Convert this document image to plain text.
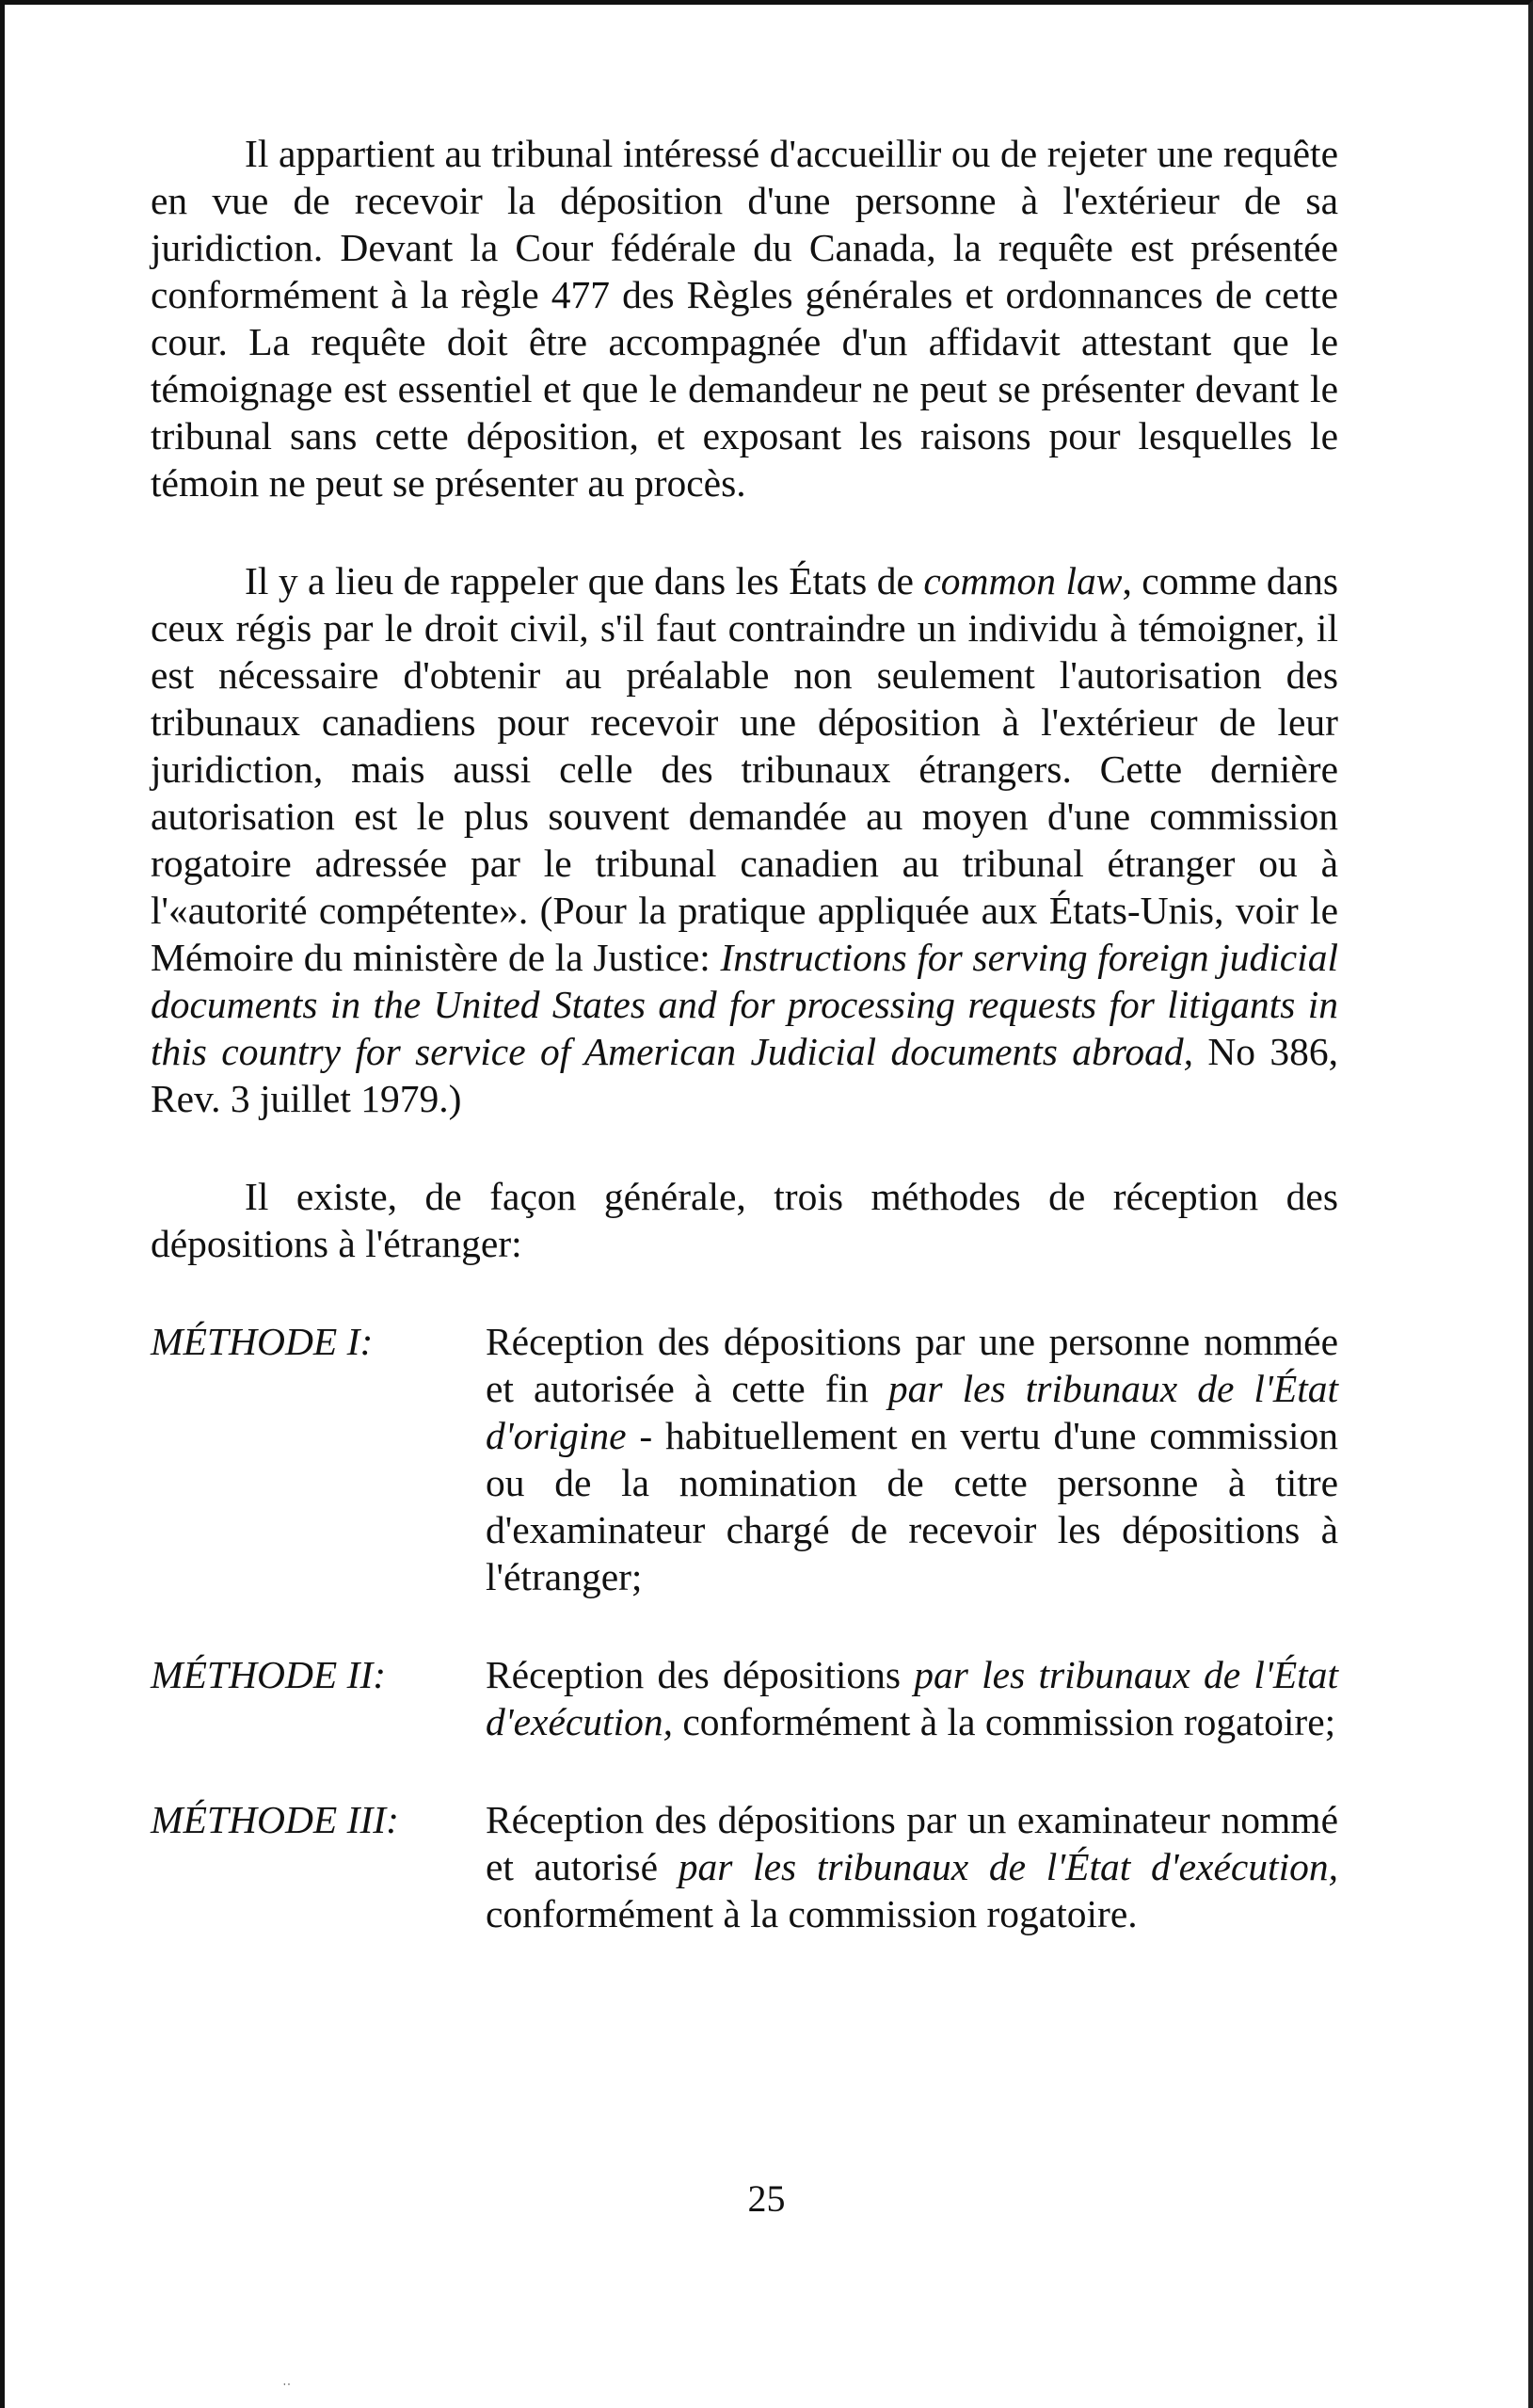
Il appartient au tribunal intéressé d'accueillir ou de rejeter une requête en vue de recevoir la déposition d'une personne à l'extérieur de sa juridiction. Devant la Cour fédérale du Canada, la requête est présentée conformément à la règle 477 des Règles générales et ordonnances de cette cour. La requête doit être accompagnée d'un affidavit attestant que le témoignage est essentiel et que le demandeur ne peut se présenter devant le tribunal sans cette déposition, et exposant les raisons pour lesquelles le témoin ne peut se présenter au procès.

Il y a lieu de rappeler que dans les États de common law, comme dans ceux régis par le droit civil, s'il faut contraindre un individu à témoigner, il est nécessaire d'obtenir au préalable non seulement l'autorisation des tribunaux canadiens pour recevoir une déposition à l'extérieur de leur juridiction, mais aussi celle des tribunaux étrangers. Cette dernière autorisation est le plus souvent demandée au moyen d'une commission rogatoire adressée par le tribunal canadien au tribunal étranger ou à l'«autorité compétente». (Pour la pratique appliquée aux États-Unis, voir le Mémoire du ministère de la Justice: Instructions for serving foreign judicial documents in the United States and for processing requests for litigants in this country for service of American Judicial documents abroad, No 386, Rev. 3 juillet 1979.)

Il existe, de façon générale, trois méthodes de réception des dépositions à l'étranger:

MÉTHODE I:	Réception des dépositions par une personne nommée et autorisée à cette fin par les tribunaux de l'État d'origine - habituellement en vertu d'une commission ou de la nomination de cette personne à titre d'examinateur chargé de recevoir les dépositions à l'étranger;
MÉTHODE II:	Réception des dépositions par les tribunaux de l'État d'exécution, conformément à la commission rogatoire;
MÉTHODE III:	Réception des dépositions par un examinateur nommé et autorisé par les tribunaux de l'État d'exécution, conformément à la commission rogatoire.
25
˙˙
